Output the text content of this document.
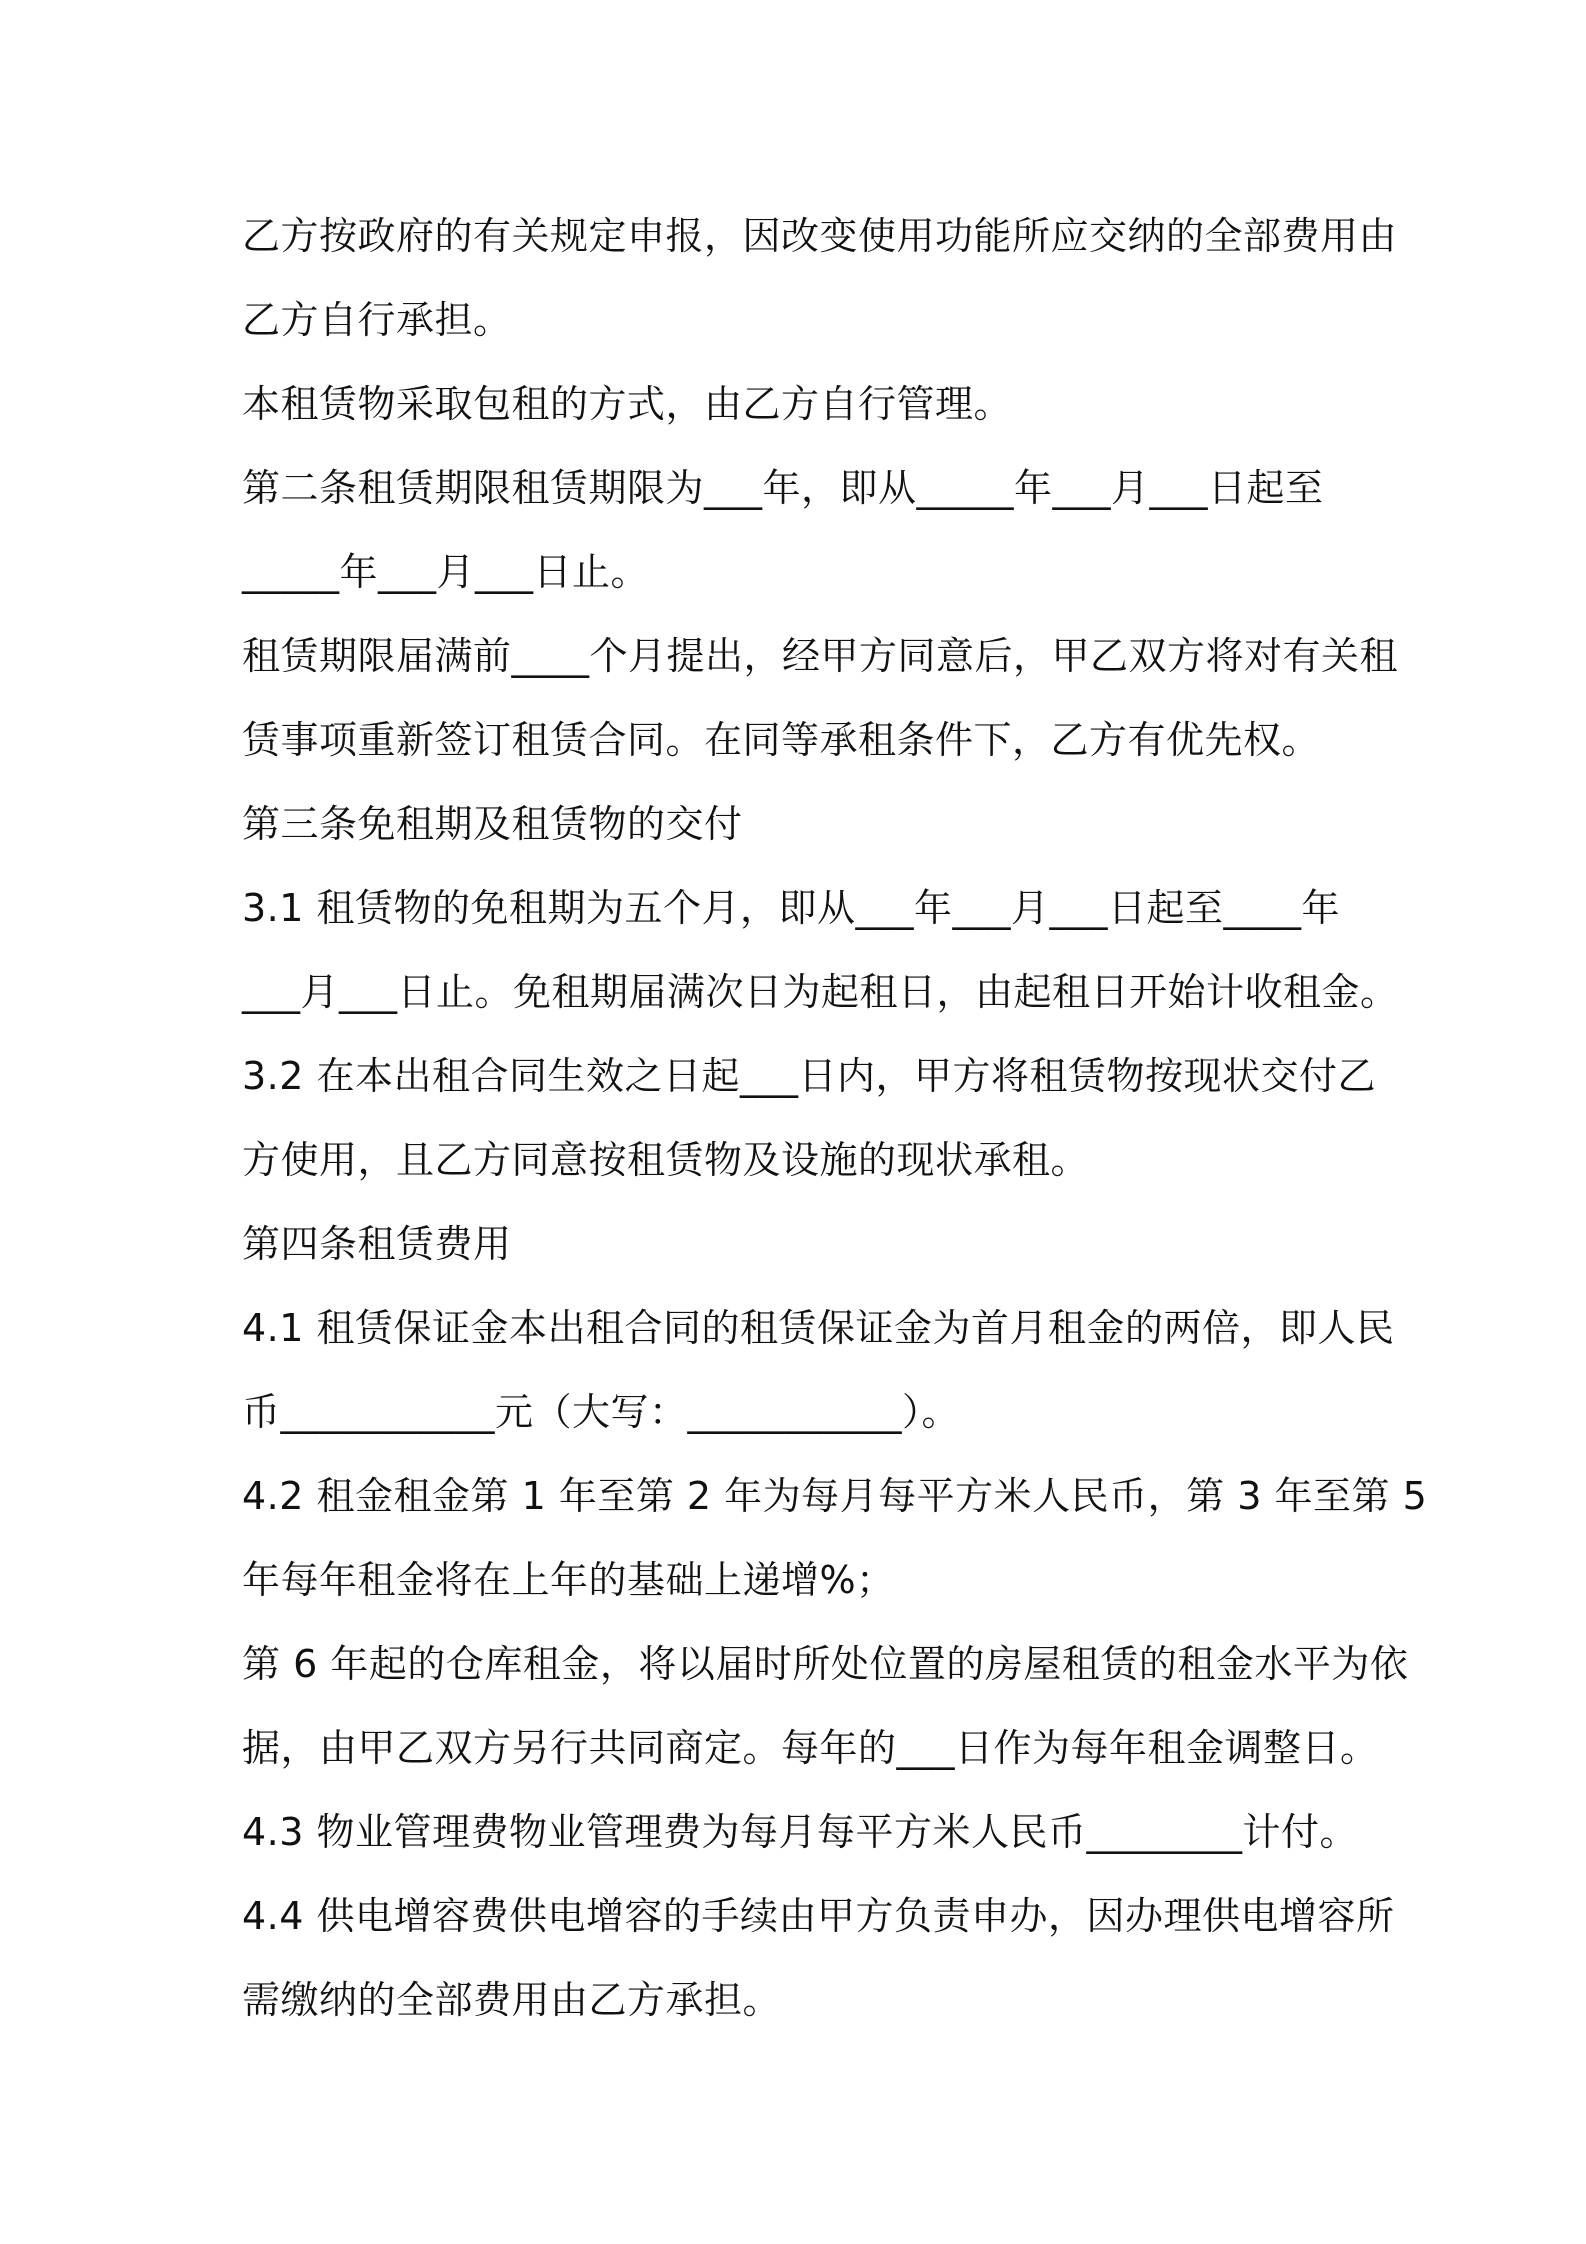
乙方按政府的有关规定申报，因改变使用功能所应交纳的全部费用由
乙方自行承担。
本租赁物采取包租的方式，由乙方自行管理。
第二条租赁期限租赁期限为___年，即从_____年___月___日起至
_____年___月___日止。
租赁期限届满前____个月提出，经甲方同意后，甲乙双方将对有关租
赁事项重新签订租赁合同。在同等承租条件下，乙方有优先权。
第三条免租期及租赁物的交付
3.1 租赁物的免租期为五个月，即从___年___月___日起至____年
___月___日止。免租期届满次日为起租日，由起租日开始计收租金。
3.2 在本出租合同生效之日起___日内，甲方将租赁物按现状交付乙
方使用，且乙方同意按租赁物及设施的现状承租。
第四条租赁费用
4.1 租赁保证金本出租合同的租赁保证金为首月租金的两倍，即人民
币___________元（大写：___________）。
4.2 租金租金第 1 年至第 2 年为每月每平方米人民币，第 3 年至第 5
年每年租金将在上年的基础上递增%；
第 6 年起的仓库租金，将以届时所处位置的房屋租赁的租金水平为依
据，由甲乙双方另行共同商定。每年的___日作为每年租金调整日。
4.3 物业管理费物业管理费为每月每平方米人民币________计付。
4.4 供电增容费供电增容的手续由甲方负责申办，因办理供电增容所
需缴纳的全部费用由乙方承担。
